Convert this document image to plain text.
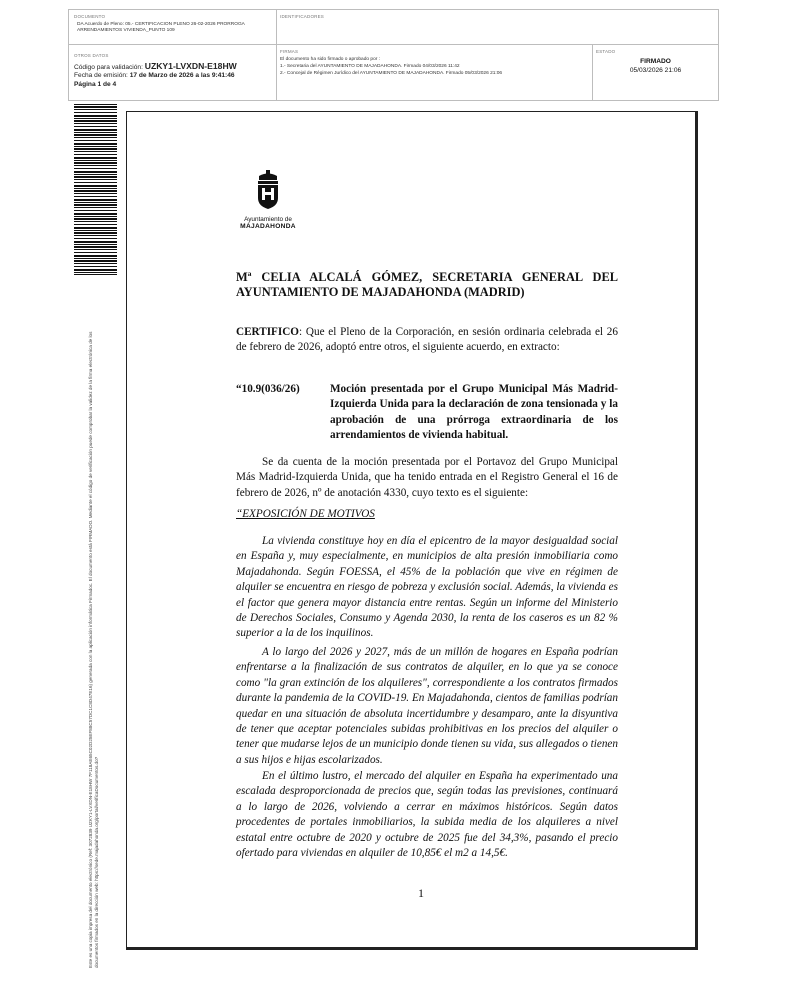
DOCUMENTO
DA Acuerdo de Pleno: 05.- CERTIFICACION PLENO 26-02-2026 PRORROGA ARRENDAMIENTOS VIVIENDA_PUNTO 109
IDENTIFICADORES
OTROS DATOS
Código para validación: UZKY1-LVXDN-E18HW
Fecha de emisión: 17 de Marzo de 2026 a las 9:41:46
Página 1 de 4
FIRMAS
El documento ha sido firmado o aprobado por :
1.- Secretaria del AYUNTAMIENTO DE MAJADAHONDA. Firmado 04/03/2026 11:42
2.- Concejal de Régimen Jurídico del AYUNTAMIENTO DE MAJADAHONDA. Firmado 05/03/2026 21:06
ESTADO
FIRMADO
05/03/2026 21:06
Este es una copia impresa del documento electrónico (Ref: 3072839 UZKY1-LVXDN-E18HW 7F118AE65C02D25EF88C57DC1C8D47E16) generada con la aplicación informática Firmadoc. El documento está FIRMADO. Mediante el código de verificación puede comprobar la validez de la firma electrónica de los documentos firmados en la dirección web: https://sede.majadahonda.org/portal/verificaDocumentos.do?
Ayuntamiento de
MAJADAHONDA
Mª CELIA ALCALÁ GÓMEZ, SECRETARIA GENERAL DEL AYUNTAMIENTO DE MAJADAHONDA (MADRID)
CERTIFICO: Que el Pleno de la Corporación, en sesión ordinaria celebrada el 26 de febrero de 2026, adoptó entre otros, el siguiente acuerdo, en extracto:
“10.9(036/26)	Moción presentada por el Grupo Municipal Más Madrid-Izquierda Unida para la declaración de zona tensionada y la aprobación de una prórroga extraordinaria de los arrendamientos de vivienda habitual.
Se da cuenta de la moción presentada por el Portavoz del Grupo Municipal Más Madrid-Izquierda Unida, que ha tenido entrada en el Registro General el 16 de febrero de 2026, nº de anotación 4330, cuyo texto es el siguiente:
“EXPOSICIÓN DE MOTIVOS
La vivienda constituye hoy en día el epicentro de la mayor desigualdad social en España y, muy especialmente, en municipios de alta presión inmobiliaria como Majadahonda. Según FOESSA, el 45% de la población que vive en régimen de alquiler se encuentra en riesgo de pobreza y exclusión social. Además, la vivienda es el factor que genera mayor distancia entre rentas. Según un informe del Ministerio de Derechos Sociales, Consumo y Agenda 2030, la renta de los caseros es un 82 % superior a la de los inquilinos.
A lo largo del 2026 y 2027, más de un millón de hogares en España podrían enfrentarse a la finalización de sus contratos de alquiler, en lo que ya se conoce como "la gran extinción de los alquileres", correspondiente a los contratos firmados durante la pandemia de la COVID-19. En Majadahonda, cientos de familias podrían quedar en una situación de absoluta incertidumbre y desamparo, ante la disyuntiva de tener que aceptar potenciales subidas prohibitivas en los precios del alquiler o tener que mudarse lejos de un municipio donde tienen su vida, sus allegados o tienen a sus hijos e hijas escolarizados.
En el último lustro, el mercado del alquiler en España ha experimentado una escalada desproporcionada de precios que, según todas las previsiones, continuará a lo largo de 2026, volviendo a cerrar en máximos históricos. Según datos procedentes de portales inmobiliarios, la subida media de los alquileres a nivel estatal entre octubre de 2020 y octubre de 2025 fue del 34,3%, pasando el precio ofertado para viviendas en alquiler de 10,85€ el m2 a 14,5€.
1
